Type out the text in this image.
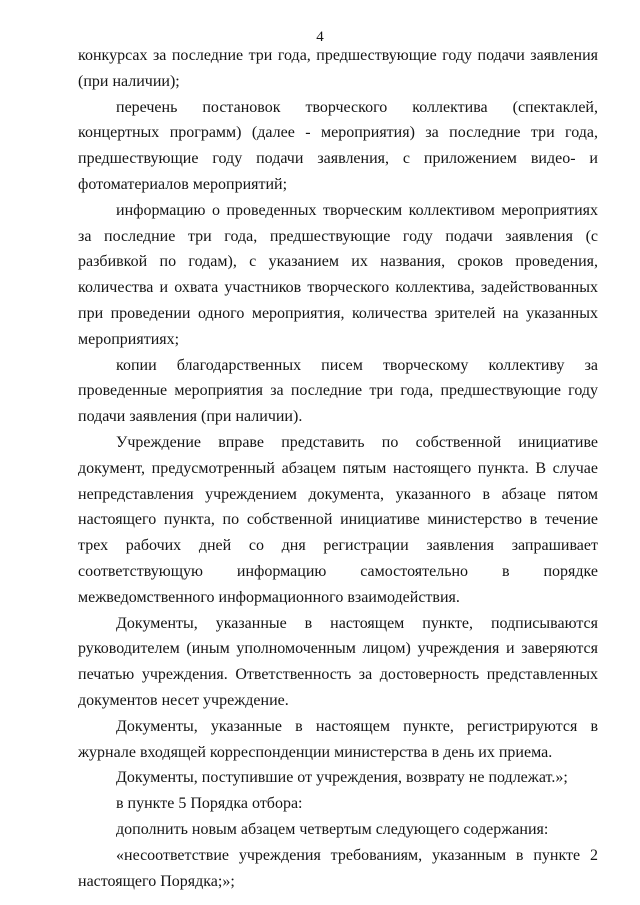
4

конкурсах за последние три года, предшествующие году подачи заявления (при наличии);

перечень постановок творческого коллектива (спектаклей, концертных программ) (далее - мероприятия) за последние три года, предшествующие году подачи заявления, с приложением видео- и фотоматериалов мероприятий;

информацию о проведенных творческим коллективом мероприятиях за последние три года, предшествующие году подачи заявления (с разбивкой по годам), с указанием их названия, сроков проведения, количества и охвата участников творческого коллектива, задействованных при проведении одного мероприятия, количества зрителей на указанных мероприятиях;

копии благодарственных писем творческому коллективу за проведенные мероприятия за последние три года, предшествующие году подачи заявления (при наличии).

Учреждение вправе представить по собственной инициативе документ, предусмотренный абзацем пятым настоящего пункта. В случае непредставления учреждением документа, указанного в абзаце пятом настоящего пункта, по собственной инициативе министерство в течение трех рабочих дней со дня регистрации заявления запрашивает соответствующую информацию самостоятельно в порядке межведомственного информационного взаимодействия.

Документы, указанные в настоящем пункте, подписываются руководителем (иным уполномоченным лицом) учреждения и заверяются печатью учреждения. Ответственность за достоверность представленных документов несет учреждение.

Документы, указанные в настоящем пункте, регистрируются в журнале входящей корреспонденции министерства в день их приема.

Документы, поступившие от учреждения, возврату не подлежат.»;

в пункте 5 Порядка отбора:

дополнить новым абзацем четвертым следующего содержания:

«несоответствие учреждения требованиям, указанным в пункте 2 настоящего Порядка;»;
